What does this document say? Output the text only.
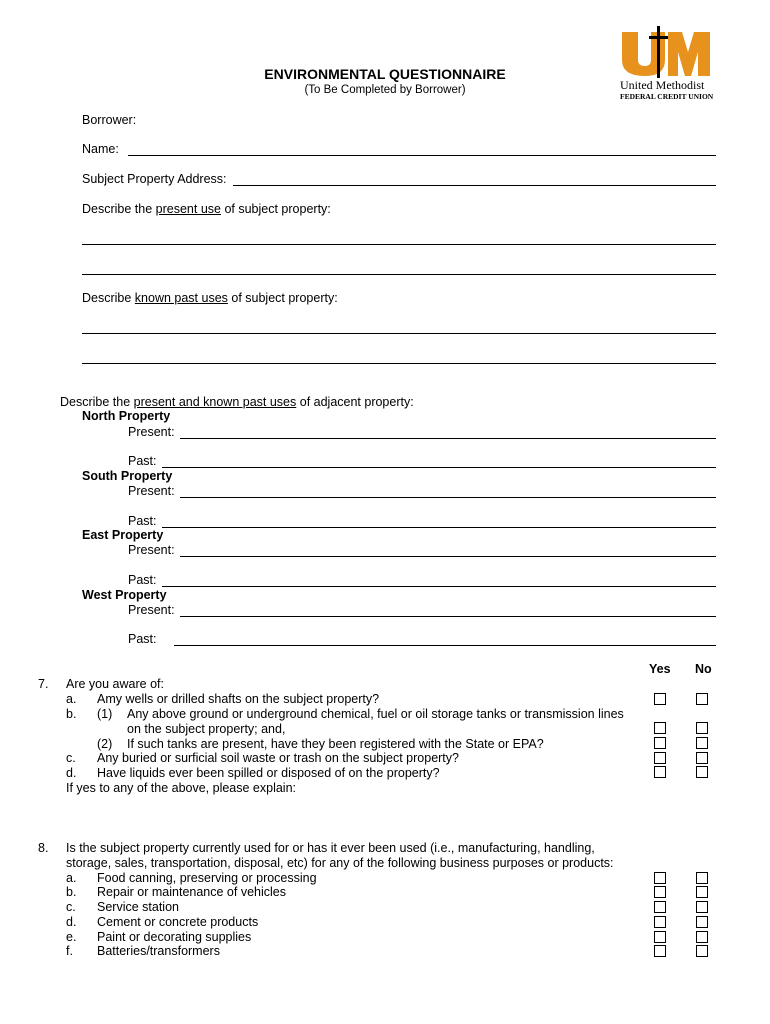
United Methodist
FEDERAL CREDIT UNION
ENVIRONMENTAL QUESTIONNAIRE
(To Be Completed by Borrower)
Borrower:
Name:
Subject Property Address:
Describe the present use of subject property:
Describe known past uses of subject property:
Describe the present and known past uses of adjacent property:
North Property
Present:
Past:
South Property
Present:
Past:
East Property
Present:
Past:
West Property
Present:
Past:
Yes No
7. Are you aware of:
a. Amy wells or drilled shafts on the subject property?
b. (1) Any above ground or underground chemical, fuel or oil storage tanks or transmission lines
on the subject property; and,
(2) If such tanks are present, have they been registered with the State or EPA?
c. Any buried or surficial soil waste or trash on the subject property?
d. Have liquids ever been spilled or disposed of on the property?
If yes to any of the above, please explain:
8. Is the subject property currently used for or has it ever been used (i.e., manufacturing, handling,
storage, sales, transportation, disposal, etc) for any of the following business purposes or products:
a. Food canning, preserving or processing
b. Repair or maintenance of vehicles
c. Service station
d. Cement or concrete products
e. Paint or decorating supplies
f. Batteries/transformers
